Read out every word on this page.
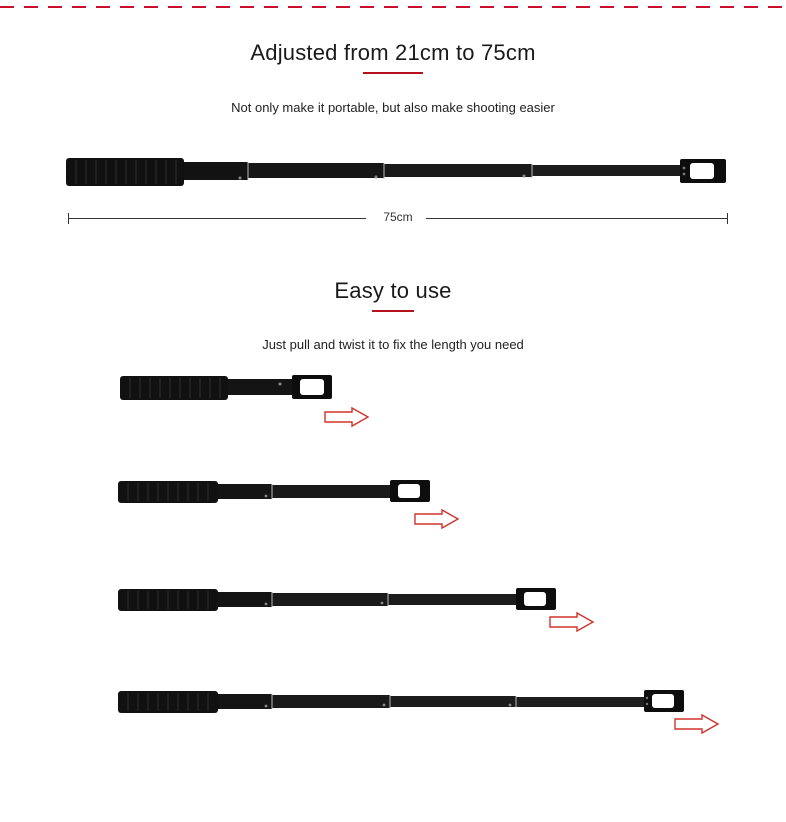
Adjusted from 21cm to 75cm
Not only make it portable, but also make shooting easier
75cm
Easy to use
Just pull and twist it to fix the length you need
